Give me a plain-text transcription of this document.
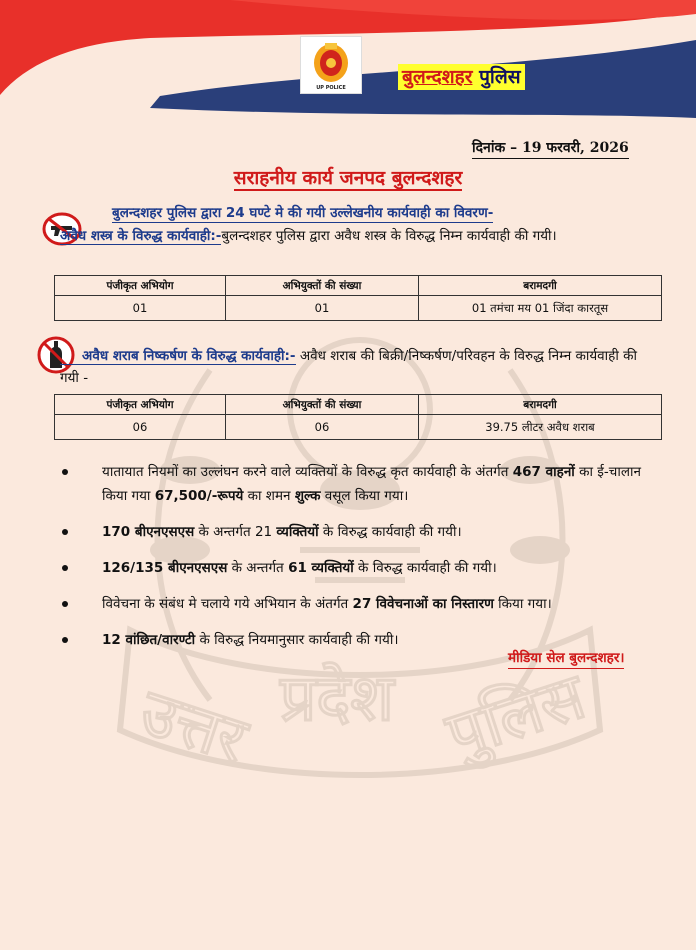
UP POLICE	बुलन्दशहर पुलिस
उत्तर प्रदेश पुलिस
दिनांक – 19 फरवरी, 2026
सराहनीय कार्य जनपद बुलन्दशहर
बुलन्दशहर पुलिस द्वारा 24 घण्टे मे की गयी उल्लेखनीय कार्यवाही का विवरण-
अवैध शस्त्र के विरुद्ध कार्यवाही:-बुलन्दशहर पुलिस द्वारा अवैध शस्त्र के विरुद्ध निम्न कार्यवाही की गयी।
पंजीकृत अभियोग	अभियुक्तों की संख्या	बरामदगी
01	01	01 तमंचा मय 01 जिंदा कारतूस
अवैध शराब निष्कर्षण के विरुद्ध कार्यवाही:- अवैध शराब की बिक्री/निष्कर्षण/परिवहन के विरुद्ध निम्न कार्यवाही की गयी -
पंजीकृत अभियोग	अभियुक्तों की संख्या	बरामदगी
06	06	39.75 लीटर अवैध शराब
यातायात नियमों का उल्लंघन करने वाले व्यक्तियों के विरुद्ध कृत कार्यवाही के अंतर्गत 467 वाहनों का ई-चालान किया गया 67,500/-रूपये का शमन शुल्क वसूल किया गया।
170 बीएनएसएस के अन्तर्गत 21 व्यक्तियों के विरुद्ध कार्यवाही की गयी।
126/135 बीएनएसएस के अन्तर्गत 61 व्यक्तियों के विरुद्ध कार्यवाही की गयी।
विवेचना के संबंध मे चलाये गये अभियान के अंतर्गत 27 विवेचनाओं का निस्तारण किया गया।
12 वांछित/वारण्टी के विरुद्ध नियमानुसार कार्यवाही की गयी।
मीडिया सेल बुलन्दशहर।
